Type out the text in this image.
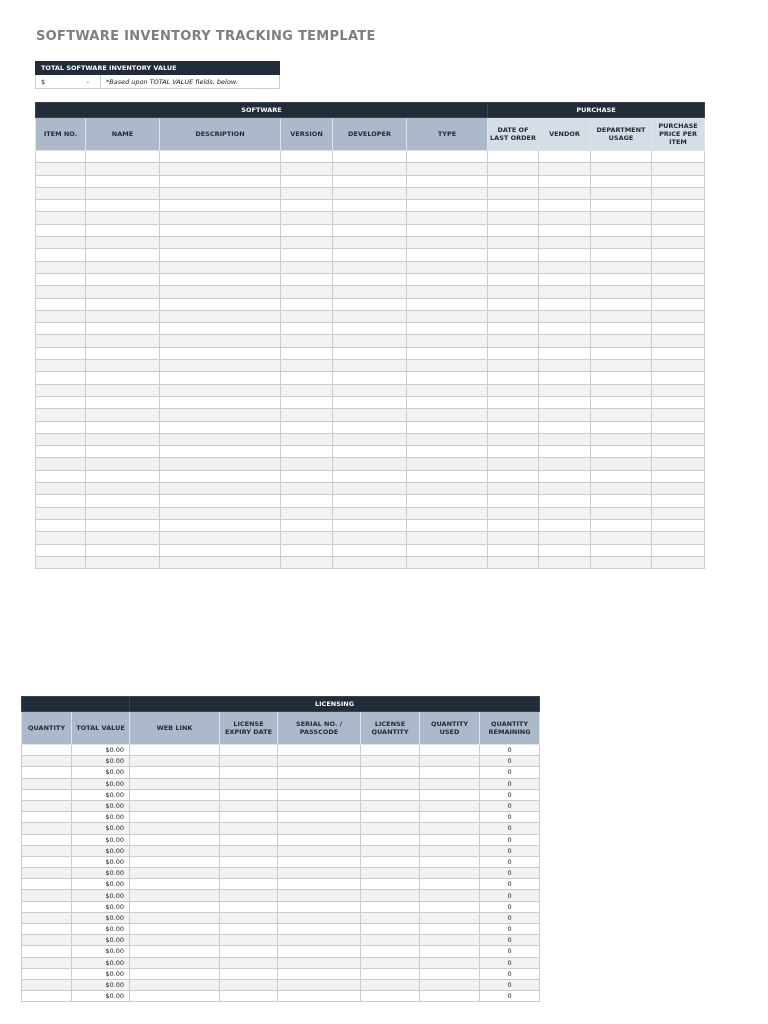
SOFTWARE INVENTORY TRACKING TEMPLATE
TOTAL SOFTWARE INVENTORY VALUE
$	-	*Based upon TOTAL VALUE fields, below.
SOFTWARE						PURCHASE			
ITEM NO.	NAME	DESCRIPTION	VERSION	DEVELOPER	TYPE	DATE OF LAST ORDER	VENDOR	DEPARTMENT USAGE	PURCHASE PRICE PER ITEM

		LICENSING					
QUANTITY	TOTAL VALUE	WEB LINK	LICENSE EXPIRY DATE	SERIAL NO. / PASSCODE	LICENSE QUANTITY	QUANTITY USED	QUANTITY REMAINING
	$0.00						0
	$0.00						0
	$0.00						0
	$0.00						0
	$0.00						0
	$0.00						0
	$0.00						0
	$0.00						0
	$0.00						0
	$0.00						0
	$0.00						0
	$0.00						0
	$0.00						0
	$0.00						0
	$0.00						0
	$0.00						0
	$0.00						0
	$0.00						0
	$0.00						0
	$0.00						0
	$0.00						0
	$0.00						0
	$0.00						0
